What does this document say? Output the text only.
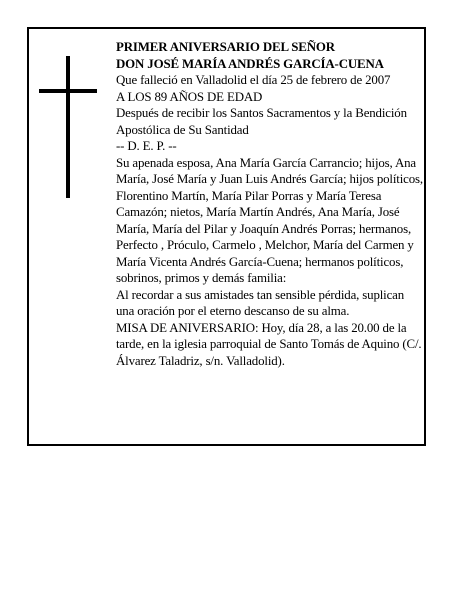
PRIMER ANIVERSARIO DEL SEÑOR

DON JOSÉ MARÍA ANDRÉS GARCÍA-CUENA

Que falleció en Valladolid el día 25 de febrero de 2007

A LOS 89 AÑOS DE EDAD

Después de recibir los Santos Sacramentos y la Bendición Apostólica de Su Santidad

-- D. E. P. --

Su apenada esposa, Ana María García Carrancio; hijos, Ana María, José María y Juan Luis Andrés García; hijos políticos, Florentino Martín, María Pilar Porras y María Teresa Camazón; nietos, María Martín Andrés, Ana María, José María, María del Pilar y Joaquín Andrés Porras; hermanos, Perfecto , Próculo, Carmelo , Melchor, María del Carmen y María Vicenta Andrés García-Cuena; hermanos políticos, sobrinos, primos y demás familia:

Al recordar a sus amistades tan sensible pérdida, suplican una oración por el eterno descanso de su alma.

MISA DE ANIVERSARIO: Hoy, día 28, a las 20.00 de la tarde, en la iglesia parroquial de Santo Tomás de Aquino (C/. Álvarez Taladriz, s/n. Valladolid).
